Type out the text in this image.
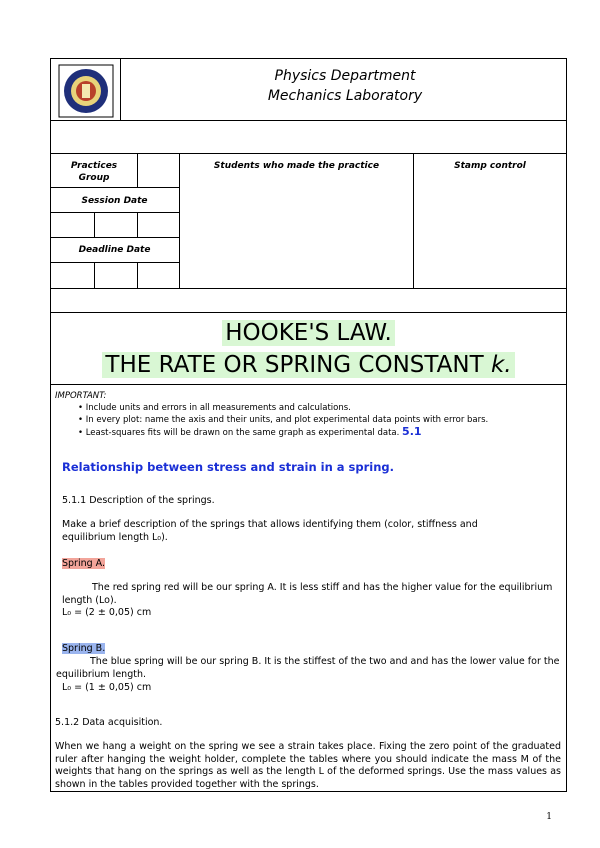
Physics Department
Mechanics Laboratory
Practices Group
Students who made the practice	Stamp control
Session Date
Deadline Date
HOOKE'S LAW.
THE RATE OR SPRING CONSTANT k.
IMPORTANT:
• Include units and errors in all measurements and calculations.
• In every plot: name the axis and their units, and plot experimental data points with error bars.
• Least-squares fits will be drawn on the same graph as experimental data. 5.1
Relationship between stress and strain in a spring.
5.1.1 Description of the springs.
Make a brief description of the springs that allows identifying them (color, stiffness and equilibrium length L₀).
Spring A.
The red spring red will be our spring A. It is less stiff and has the higher value for the equilibrium length (Lo).
L₀ = (2 ± 0,05) cm
Spring B.
The blue spring will be our spring B. It is the stiffest of the two and and has the lower value for the equilibrium length.
L₀ = (1 ± 0,05) cm
5.1.2 Data acquisition.
When we hang a weight on the spring we see a strain takes place. Fixing the zero point of the graduated ruler after hanging the weight holder, complete the tables where you should indicate the mass M of the weights that hang on the springs as well as the length L of the deformed springs. Use the mass values as shown in the tables provided together with the springs.
1
